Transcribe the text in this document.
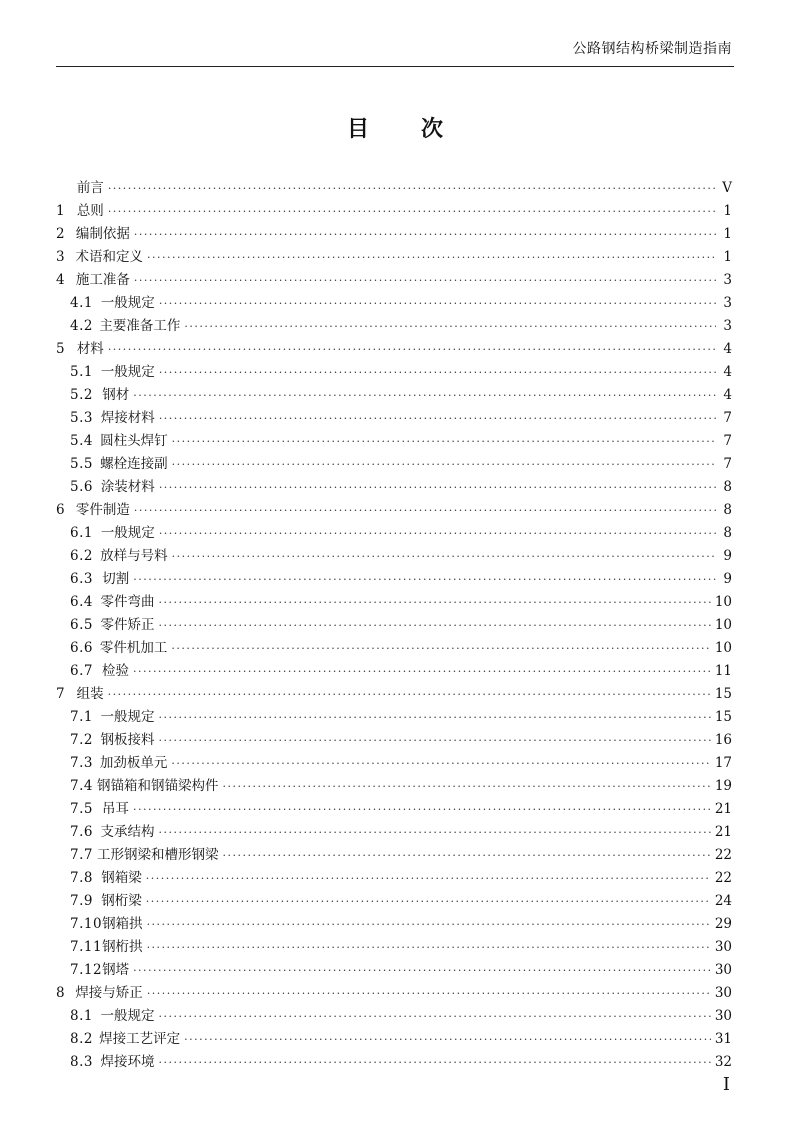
公路钢结构桥梁制造指南
目次
前言 ·····	V
1 总则 ·····	1
2 编制依据 ·····	1
3 术语和定义 ·····	1
4 施工准备 ·····	3
4.1 一般规定 ·····	3
4.2 主要准备工作 ·····	3
5 材料 ·····	4
5.1 一般规定 ·····	4
5.2 钢材 ·····	4
5.3 焊接材料 ·····	7
5.4 圆柱头焊钉 ·····	7
5.5 螺栓连接副 ·····	7
5.6 涂装材料 ·····	8
6 零件制造 ·····	8
6.1 一般规定 ·····	8
6.2 放样与号料 ·····	9
6.3 切割 ·····	9
6.4 零件弯曲 ·····	10
6.5 零件矫正 ·····	10
6.6 零件机加工 ·····	10
6.7 检验 ·····	11
7 组装 ·····	15
7.1 一般规定 ·····	15
7.2 钢板接料 ·····	16
7.3 加劲板单元 ·····	17
7.4 钢锚箱和钢锚梁构件 ·····	19
7.5 吊耳 ·····	21
7.6 支承结构 ·····	21
7.7 工形钢梁和槽形钢梁 ·····	22
7.8 钢箱梁 ·····	22
7.9 钢桁梁 ·····	24
7.10 钢箱拱 ·····	29
7.11 钢桁拱 ·····	30
7.12 钢塔 ·····	30
8 焊接与矫正 ·····	30
8.1 一般规定 ·····	30
8.2 焊接工艺评定 ·····	31
8.3 焊接环境 ·····	32
I
